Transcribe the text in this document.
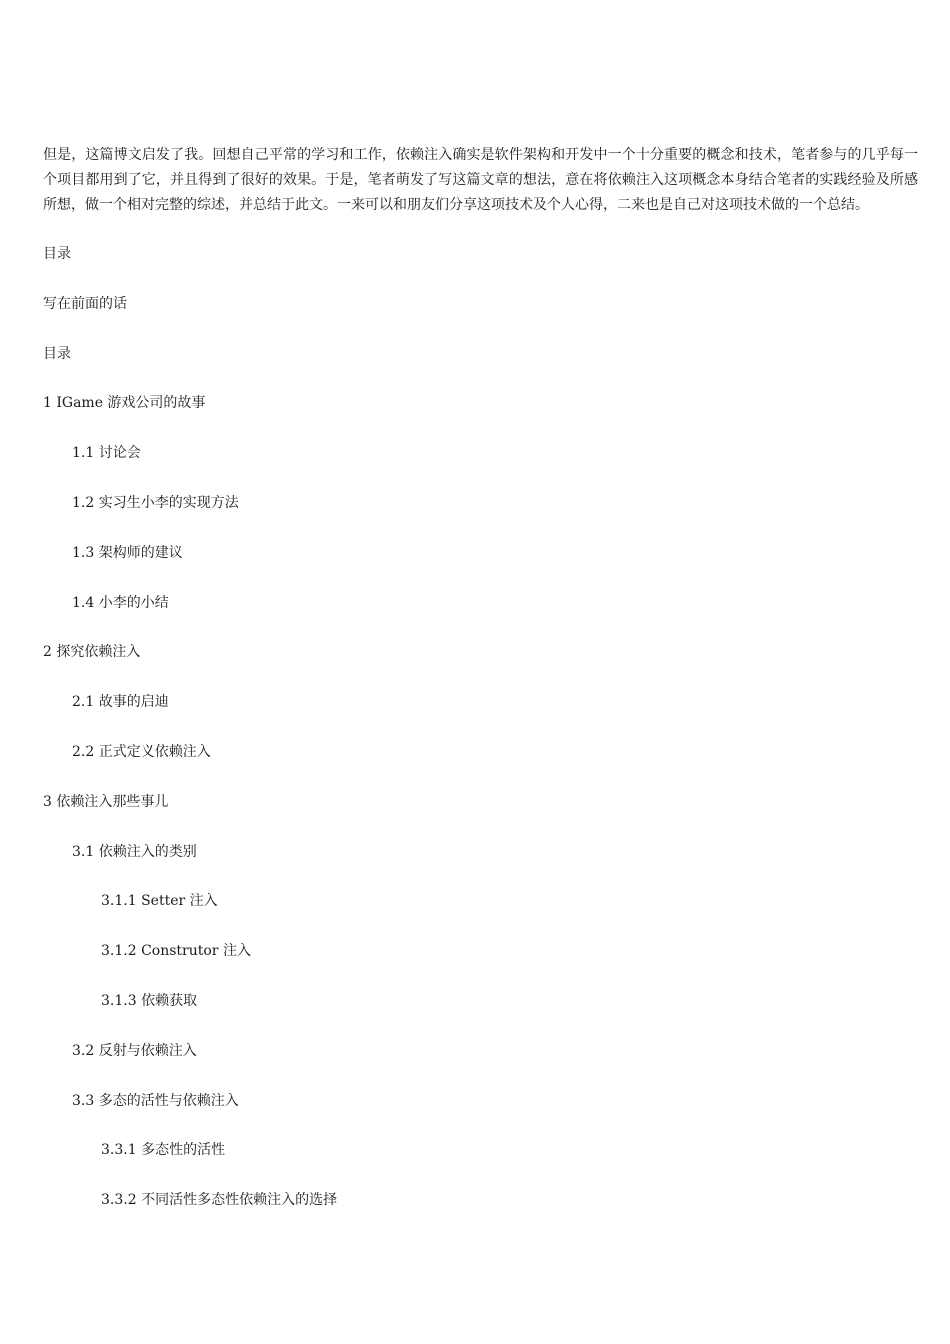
但是，这篇博文启发了我。回想自己平常的学习和工作，依赖注入确实是软件架构和开发中一个十分重要的概念和技术，笔者参与的几乎每一个项目都用到了它，并且得到了很好的效果。于是，笔者萌发了写这篇文章的想法，意在将依赖注入这项概念本身结合笔者的实践经验及所感所想，做一个相对完整的综述，并总结于此文。一来可以和朋友们分享这项技术及个人心得，二来也是自己对这项技术做的一个总结。

目录
写在前面的话
目录
1 IGame 游戏公司的故事
1.1 讨论会
1.2 实习生小李的实现方法
1.3 架构师的建议
1.4 小李的小结
2 探究依赖注入
2.1 故事的启迪
2.2 正式定义依赖注入
3 依赖注入那些事儿
3.1 依赖注入的类别
3.1.1 Setter 注入
3.1.2 Construtor 注入
3.1.3 依赖获取
3.2 反射与依赖注入
3.3 多态的活性与依赖注入
3.3.1 多态性的活性
3.3.2 不同活性多态性依赖注入的选择
